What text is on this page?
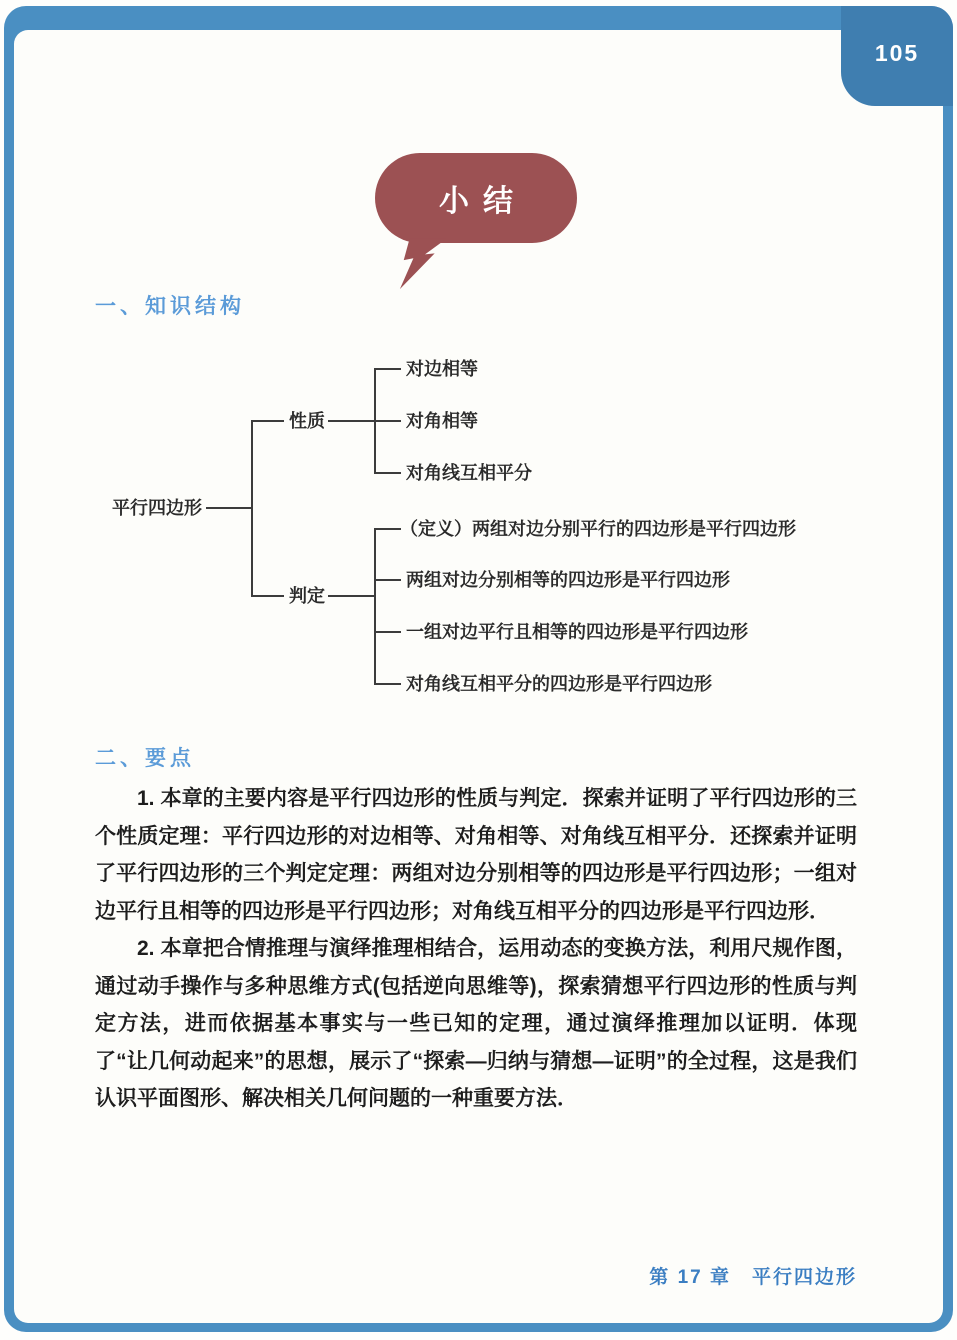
105
小结
一、知识结构
平行四边形
性质
判定
对边相等
对角相等
对角线互相平分
（定义）两组对边分别平行的四边形是平行四边形
两组对边分别相等的四边形是平行四边形
一组对边平行且相等的四边形是平行四边形
对角线互相平分的四边形是平行四边形
二、要点

1. 本章的主要内容是平行四边形的性质与判定．探索并证明了平行四边形的三个性质定理：平行四边形的对边相等、对角相等、对角线互相平分．还探索并证明了平行四边形的三个判定定理：两组对边分别相等的四边形是平行四边形；一组对边平行且相等的四边形是平行四边形；对角线互相平分的四边形是平行四边形．

2. 本章把合情推理与演绎推理相结合，运用动态的变换方法，利用尺规作图，通过动手操作与多种思维方式(包括逆向思维等)，探索猜想平行四边形的性质与判定方法，进而依据基本事实与一些已知的定理，通过演绎推理加以证明．体现了“让几何动起来”的思想，展示了“探索—归纳与猜想—证明”的全过程，这是我们认识平面图形、解决相关几何问题的一种重要方法．

第 17 章　平行四边形
